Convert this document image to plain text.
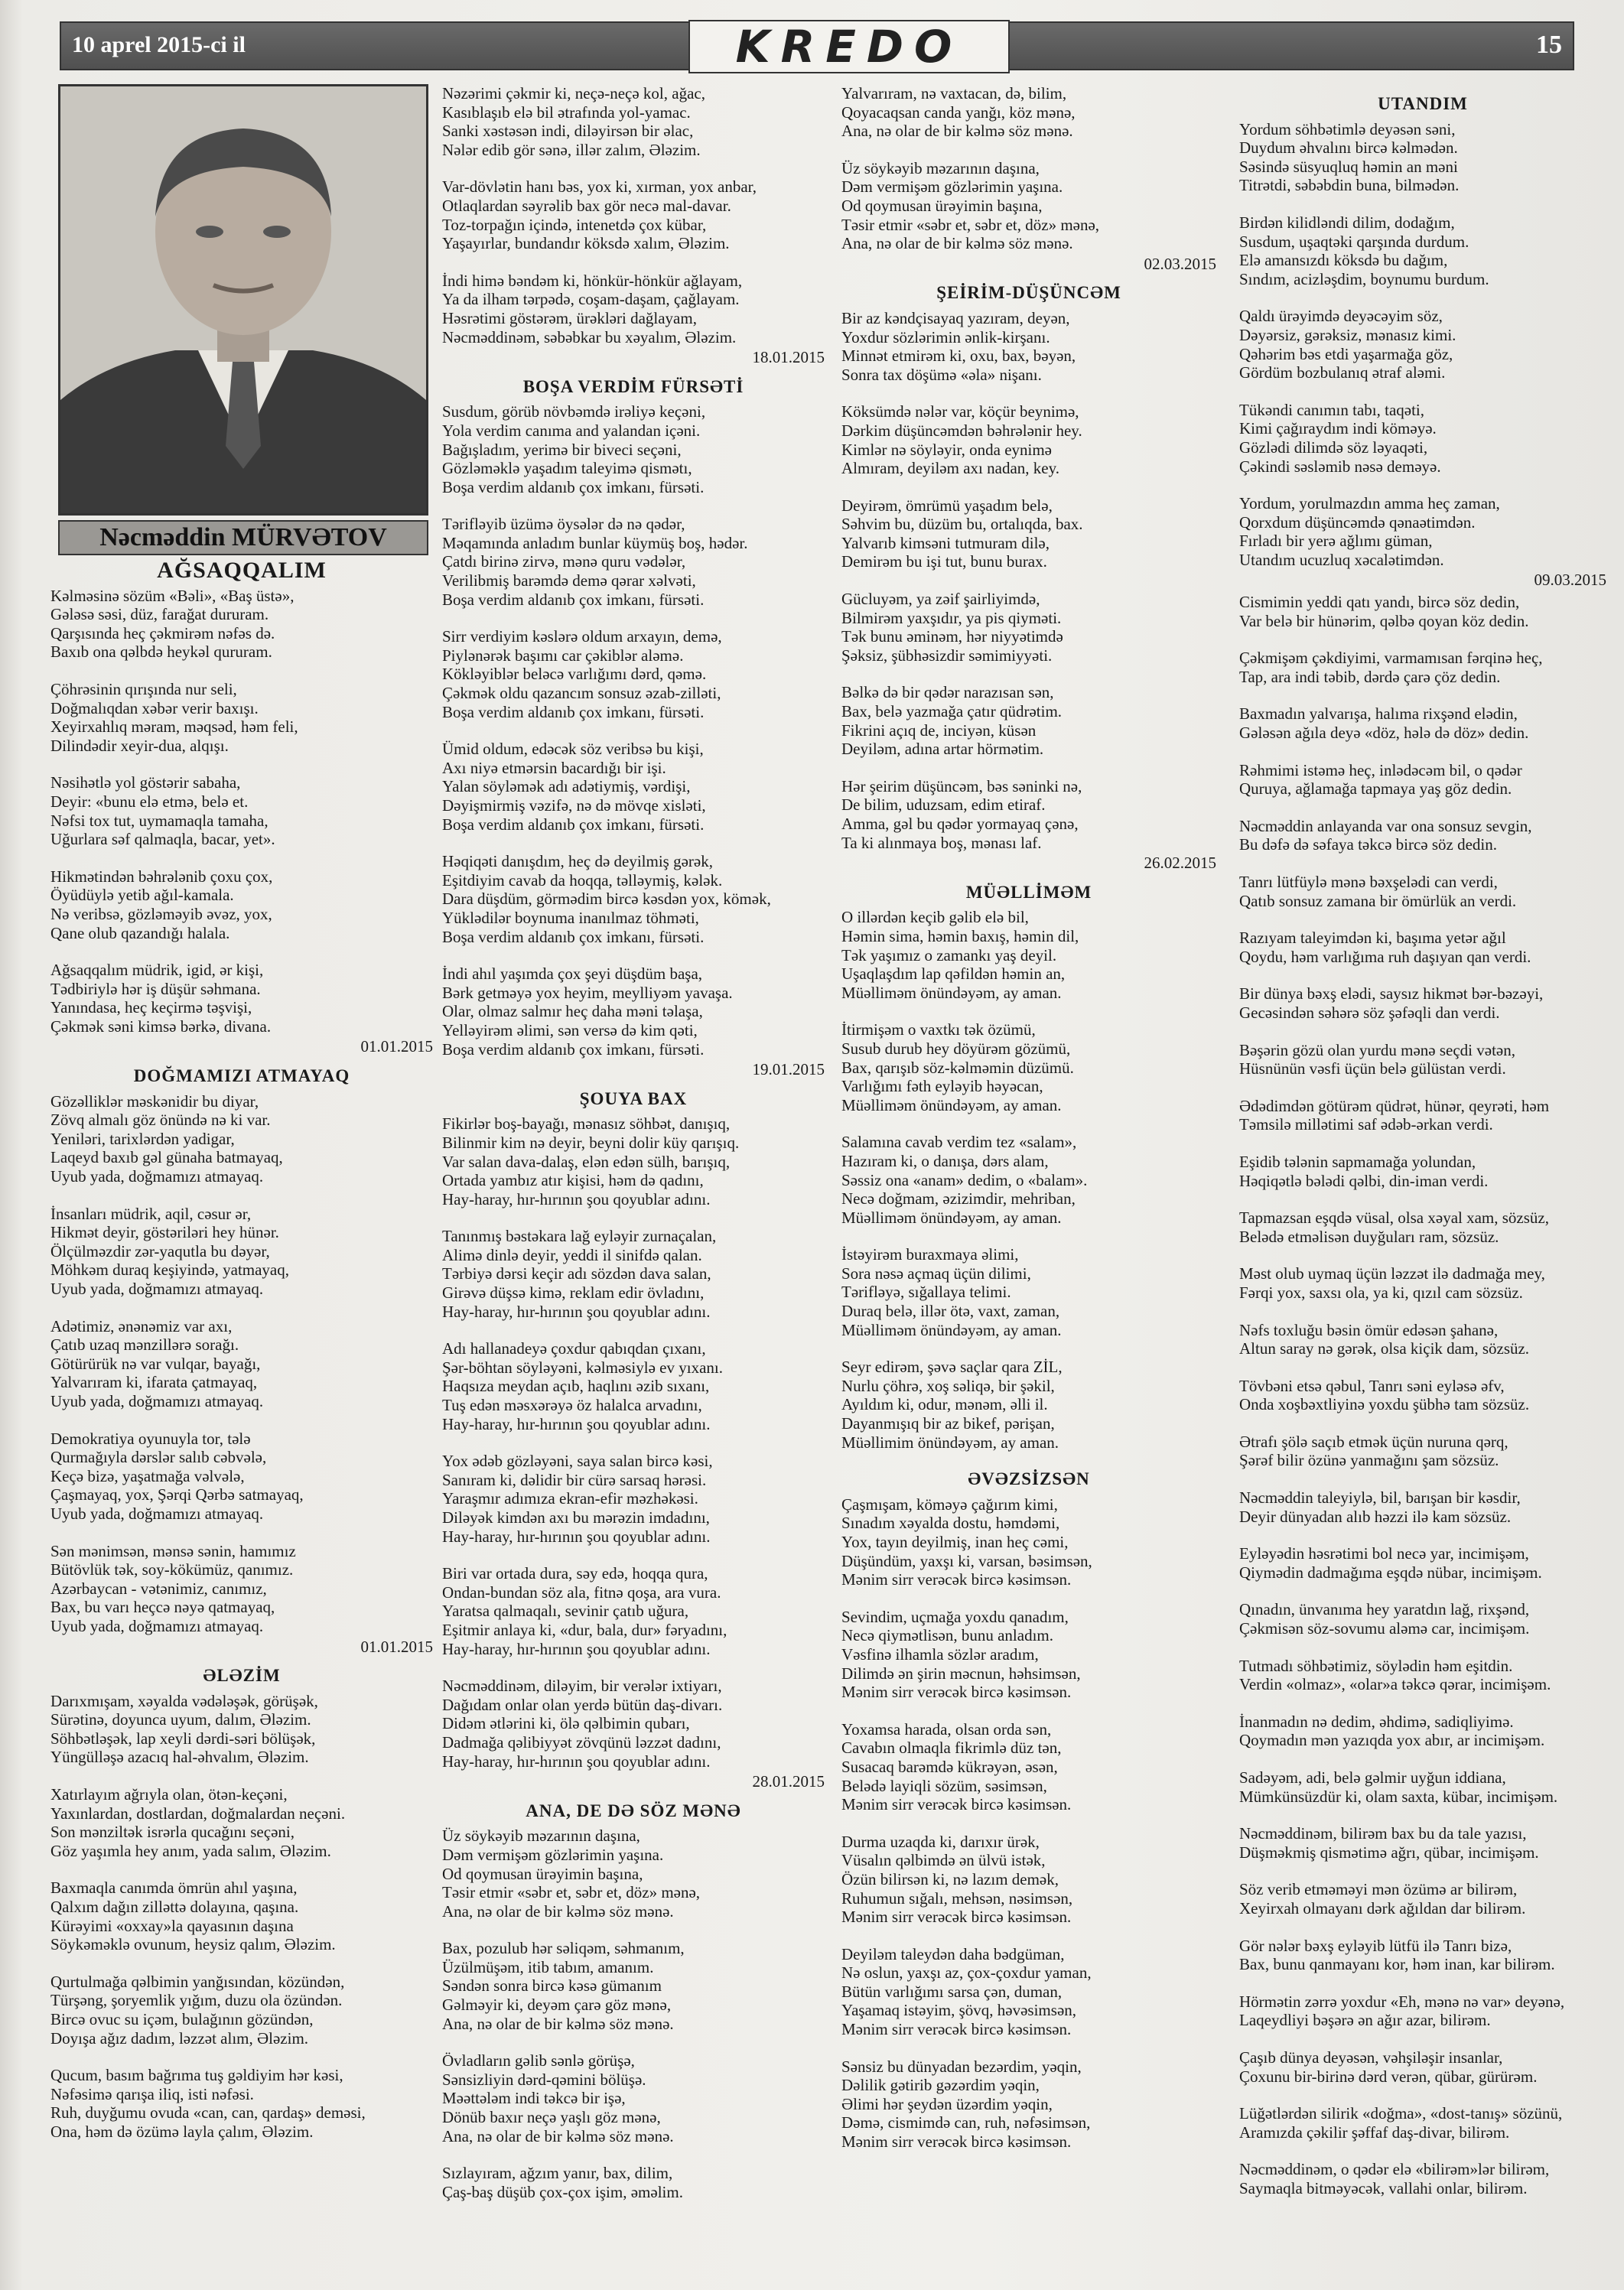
10 aprel 2015-ci il	KREDO	15
Nəcməddin MÜRVƏTOV
AĞSAQQALIM
Kəlməsinə sözüm «Bəli», «Baş üstə»,
Gələsə səsi, düz, farağat dururam.
Qarşısında heç çəkmirəm nəfəs də.
Baxıb ona qəlbdə heykəl qururam.
Çöhrəsinin qırışında nur seli,
Doğmalıqdan xəbər verir baxışı.
Xeyirxahlıq məram, məqsəd, həm feli,
Dilindədir xeyir-dua, alqışı.
Nəsihətlə yol göstərir sabaha,
Deyir: «bunu elə etmə, belə et.
Nəfsi tox tut, uymamaqla tamaha,
Uğurlara səf qalmaqla, bacar, yet».
Hikmətindən bəhrələnib çoxu çox,
Öyüdüylə yetib ağıl-kamala.
Nə veribsə, gözləməyib əvəz, yox,
Qane olub qazandığı halala.
Ağsaqqalım müdrik, igid, ər kişi,
Tədbiriylə hər iş düşür səhmana.
Yanındasa, heç keçirmə təşvişi,
Çəkmək səni kimsə bərkə, divana.
01.01.2015
DOĞMAMIZI ATMAYAQ
Gözəlliklər məskənidir bu diyar,
Zövq almalı göz önündə nə ki var.
Yeniləri, tarixlərdən yadigar,
Laqeyd baxıb gəl günaha batmayaq,
Uyub yada, doğmamızı atmayaq.
İnsanları müdrik, aqil, cəsur ər,
Hikmət deyir, göstəriləri hey hünər.
Ölçülməzdir zər-yaqutla bu dəyər,
Möhkəm duraq keşiyində, yatmayaq,
Uyub yada, doğmamızı atmayaq.
Adətimiz, ənənəmiz var axı,
Çatıb uzaq mənzillərə sorağı.
Götürürük nə var vulqar, bayağı,
Yalvarıram ki, ifarata çatmayaq,
Uyub yada, doğmamızı atmayaq.
Demokratiya oyunuyla tor, tələ
Qurmağıyla dərslər salıb cəbvələ,
Keçə bizə, yaşatmağa vəlvələ,
Çaşmayaq, yox, Şərqi Qərbə satmayaq,
Uyub yada, doğmamızı atmayaq.
Sən mənimsən, mənsə sənin, hamımız
Bütövlük tək, soy-kökümüz, qanımız.
Azərbaycan - vətənimiz, canımız,
Bax, bu varı heçcə nəyə qatmayaq,
Uyub yada, doğmamızı atmayaq.
01.01.2015
ƏLƏZİM
Darıxmışam, xəyalda vədələşək, görüşək,
Sürətinə, doyunca uyum, dalım, Ələzim.
Söhbətləşək, lap xeyli dərdi-səri bölüşək,
Yüngülləşə azacıq hal-əhvalım, Ələzim.
Xatırlayım ağrıyla olan, ötən-keçəni,
Yaxınlardan, dostlardan, doğmalardan neçəni.
Son mənziltək isrərla qucağını seçəni,
Göz yaşımla hey anım, yada salım, Ələzim.
Baxmaqla canımda ömrün ahıl yaşına,
Qalxım dağın zilləttə dolayına, qaşına.
Kürəyimi «oxxay»la qayasının daşına
Söykəməklə ovunum, heysiz qalım, Ələzim.
Qurtulmağa qəlbimin yanğısından, közündən,
Türşəng, şoryemlik yığım, duzu ola özündən.
Bircə ovuc su içəm, bulağının gözündən,
Doyışa ağız dadım, ləzzət alım, Ələzim.
Qucum, basım bağrıma tuş gəldiyim hər kəsi,
Nəfəsimə qarışa iliq, isti nəfəsi.
Ruh, duyğumu ovuda «can, can, qardaş» deməsi,
Ona, həm də özümə layla çalım, Ələzim.
Nəzərimi çəkmir ki, neçə-neçə kol, ağac,
Kasıblaşıb elə bil ətrafında yol-yamac.
Sanki xəstəsən indi, diləyirsən bir əlac,
Nələr edib gör sənə, illər zalım, Ələzim.
Var-dövlətin hanı bəs, yox ki, xırman, yox anbar,
Otlaqlardan səyrəlib bax gör necə mal-davar.
Toz-torpağın içində, intenetdə çox kübar,
Yaşayırlar, bundandır köksdə xalım, Ələzim.
İndi himə bəndəm ki, hönkür-hönkür ağlayam,
Ya da ilham tərpədə, coşam-daşam, çağlayam.
Həsrətimi göstərəm, ürəkləri dağlayam,
Nəcməddinəm, səbəbkar bu xəyalım, Ələzim.
18.01.2015
BOŞA VERDİM FÜRSƏTİ
Susdum, görüb növbəmdə irəliyə keçəni,
Yola verdim canıma and yalandan içəni.
Bağışladım, yerimə bir biveci seçəni,
Gözləməklə yaşadım taleyimə qismətı,
Boşa verdim aldanıb çox imkanı, fürsəti.
Tərifləyib üzümə öysələr də nə qədər,
Məqamında anladım bunlar küymüş boş, hədər.
Çatdı birinə zirvə, mənə quru vədələr,
Verilibmiş barəmdə demə qərar xəlvəti,
Boşa verdim aldanıb çox imkanı, fürsəti.
Sirr verdiyim kəslərə oldum arxayın, demə,
Piylənərək başımı car çəkiblər aləmə.
Kökləyiblər beləcə varlığımı dərd, qəmə.
Çəkmək oldu qazancım sonsuz əzab-zilləti,
Boşa verdim aldanıb çox imkanı, fürsəti.
Ümid oldum, edəcək söz veribsə bu kişi,
Axı niyə etmərsin bacardığı bir işi.
Yalan söyləmək adı adətiymiş, vərdişi,
Dəyişmirmiş vəzifə, nə də mövqe xisləti,
Boşa verdim aldanıb çox imkanı, fürsəti.
Həqiqəti danışdım, heç də deyilmiş gərək,
Eşitdiyim cavab da hoqqa, təlləymiş, kələk.
Dara düşdüm, görmədim bircə kəsdən yox, kömək,
Yüklədilər boynuma inanılmaz töhməti,
Boşa verdim aldanıb çox imkanı, fürsəti.
İndi ahıl yaşımda çox şeyi düşdüm başa,
Bərk getməyə yox heyim, meylliyəm yavaşa.
Olar, olmaz salmır heç daha məni təlaşa,
Yelləyirəm əlimi, sən versə də kim qəti,
Boşa verdim aldanıb çox imkanı, fürsəti.
19.01.2015
ŞOUYA BAX
Fikirlər boş-bayağı, mənasız söhbət, danışıq,
Bilinmir kim nə deyir, beyni dolir küy qarışıq.
Var salan dava-dalaş, elən edən sülh, barışıq,
Ortada yambız atır kişisi, həm də qadını,
Hay-haray, hır-hırının şou qoyublar adını.
Tanınmış bəstəkara lağ eyləyir zurnaçalan,
Alimə dinlə deyir, yeddi il sinifdə qalan.
Tərbiyə dərsi keçir adı sözdən dava salan,
Girəvə düşsə kimə, reklam edir övladını,
Hay-haray, hır-hırının şou qoyublar adını.
Adı hallanadeyə çoxdur qabıqdan çıxanı,
Şər-böhtan söyləyəni, kəlməsiylə ev yıxanı.
Haqsıza meydan açıb, haqlını əzib sıxanı,
Tuş edən məsxərəyə öz halalca arvadını,
Hay-haray, hır-hırının şou qoyublar adını.
Yox ədəb gözləyəni, saya salan bircə kəsi,
Sanıram ki, dəlidir bir cürə sarsaq hərəsi.
Yaraşmır adımıza ekran-efir məzhəkəsi.
Diləyək kimdən axı bu mərəzin imdadını,
Hay-haray, hır-hırının şou qoyublar adını.
Biri var ortada dura, səy edə, hoqqa qura,
Ondan-bundan söz ala, fitnə qoşa, ara vura.
Yaratsa qalmaqalı, sevinir çatıb uğura,
Eşitmir anlaya ki, «dur, bala, dur» fəryadını,
Hay-haray, hır-hırının şou qoyublar adını.
Nəcməddinəm, diləyim, bir verələr ixtiyarı,
Dağıdam onlar olan yerdə bütün daş-divarı.
Didəm ətlərini ki, ölə qəlbimin qubarı,
Dadmağa qəlibiyyət zövqünü ləzzət dadını,
Hay-haray, hır-hırının şou qoyublar adını.
28.01.2015
ANA, DE DƏ SÖZ MƏNƏ
Üz söykəyib məzarının daşına,
Dəm vermişəm gözlərimin yaşına.
Od qoymusan ürəyimin başına,
Təsir etmir «səbr et, səbr et, döz» mənə,
Ana, nə olar de bir kəlmə söz mənə.
Bax, pozulub hər səliqəm, səhmanım,
Üzülmüşəm, itib tabım, amanım.
Səndən sonra bircə kəsə gümanım
Gəlməyir ki, deyəm çarə göz mənə,
Ana, nə olar de bir kəlmə söz mənə.
Övladların gəlib sənlə görüşə,
Sənsizliyin dərd-qəmini bölüşə.
Məəttələm indi təkcə bir işə,
Dönüb baxır neçə yaşlı göz mənə,
Ana, nə olar de bir kəlmə söz mənə.
Sızlayıram, ağzım yanır, bax, dilim,
Çaş-baş düşüb çox-çox işim, əməlim.
Yalvarıram, nə vaxtacan, də, bilim,
Qoyacaqsan canda yanğı, köz mənə,
Ana, nə olar de bir kəlmə söz mənə.
Üz söykəyib məzarının daşına,
Dəm vermişəm gözlərimin yaşına.
Od qoymusan ürəyimin başına,
Təsir etmir «səbr et, səbr et, döz» mənə,
Ana, nə olar de bir kəlmə söz mənə.
02.03.2015
ŞEİRİM-DÜŞÜNCƏM
Bir az kəndçisayaq yazıram, deyən,
Yoxdur sözlərimin ənlik-kirşanı.
Minnət etmirəm ki, oxu, bax, bəyən,
Sonra tax döşümə «əla» nişanı.
Köksümdə nələr var, köçür beynimə,
Dərkim düşüncəmdən bəhrələnir hey.
Kimlər nə söyləyir, onda eynimə
Almıram, deyiləm axı nadan, key.
Deyirəm, ömrümü yaşadım belə,
Səhvim bu, düzüm bu, ortalıqda, bax.
Yalvarıb kimsəni tutmuram dilə,
Demirəm bu işi tut, bunu burax.
Gücluyəm, ya zəif şairliyimdə,
Bilmirəm yaxşıdır, ya pis qiyməti.
Tək bunu əminəm, hər niyyətimdə
Şəksiz, şübhəsizdir səmimiyyəti.
Bəlkə də bir qədər narazısan sən,
Bax, belə yazmağa çatır qüdrətim.
Fikrini açıq de, inciyən, küsən
Deyiləm, adına artar hörmətim.
Hər şeirim düşüncəm, bəs səninki nə,
De bilim, uduzsam, edim etiraf.
Amma, gəl bu qədər yormayaq çənə,
Ta ki alınmaya boş, mənası laf.
26.02.2015
MÜƏLLİMƏM
O illərdən keçib gəlib elə bil,
Həmin sima, həmin baxış, həmin dil,
Tək yaşımız o zamankı yaş deyil.
Uşaqlaşdım lap qəfildən həmin an,
Müəlliməm önündəyəm, ay aman.
İtirmişəm o vaxtkı tək özümü,
Susub durub hey döyürəm gözümü,
Bax, qarışıb söz-kəlməmin düzümü.
Varlığımı fəth eyləyib həyəcan,
Müəlliməm önündəyəm, ay aman.
Salamına cavab verdim tez «salam»,
Hazıram ki, o danışa, dərs alam,
Səssiz ona «anam» dedim, o «balam».
Necə doğmam, əzizimdir, mehriban,
Müəlliməm önündəyəm, ay aman.
İstəyirəm buraxmaya əlimi,
Sora nəsə açmaq üçün dilimi,
Tərifləyə, sığallaya telimi.
Duraq belə, illər ötə, vaxt, zaman,
Müəlliməm önündəyəm, ay aman.
Seyr edirəm, şəvə saçlar qara ZİL,
Nurlu çöhrə, xoş səliqə, bir şəkil,
Ayıldım ki, odur, mənəm, əlli il.
Dayanmışıq bir az bikef, pərişan,
Müəllimim önündəyəm, ay aman.
ƏVƏZSİZSƏN
Çaşmışam, köməyə çağırım kimi,
Sınadım xəyalda dostu, həmdəmi,
Yox, tayın deyilmiş, inan heç cəmi,
Düşündüm, yaxşı ki, varsan, bəsimsən,
Mənim sirr verəcək bircə kəsimsən.
Sevindim, uçmağa yoxdu qanadım,
Necə qiymətlisən, bunu anladım.
Vəsfinə ilhamla sözlər aradım,
Dilimdə ən şirin məcnun, həhsimsən,
Mənim sirr verəcək bircə kəsimsən.
Yoxamsa harada, olsan orda sən,
Cavabın olmaqla fikrimlə düz tən,
Susacaq barəmdə kükrəyən, əsən,
Belədə layiqli sözüm, səsimsən,
Mənim sirr verəcək bircə kəsimsən.
Durma uzaqda ki, darıxır ürək,
Vüsalın qəlbimdə ən ülvü istək,
Özün bilirsən ki, nə lazım demək,
Ruhumun sığalı, mehsən, nəsimsən,
Mənim sirr verəcək bircə kəsimsən.
Deyiləm taleydən daha bədgüman,
Nə oslun, yaxşı az, çox-çoxdur yaman,
Bütün varlığımı sarsa çən, duman,
Yaşamaq istəyim, şövq, həvəsimsən,
Mənim sirr verəcək bircə kəsimsən.
Sənsiz bu dünyadan bezərdim, yəqin,
Dəlilik gətirib gəzərdim yəqin,
Əlimi hər şeydən üzərdim yəqin,
Dəmə, cismimdə can, ruh, nəfəsimsən,
Mənim sirr verəcək bircə kəsimsən.
UTANDIM
Yordum söhbətimlə deyəsən səni,
Duydum əhvalını bircə kəlmədən.
Səsində süsyuqluq həmin an məni
Titrətdi, səbəbdin buna, bilmədən.
Birdən kilidləndi dilim, dodağım,
Susdum, uşaqtəki qarşında durdum.
Elə amansızdı köksdə bu dağım,
Sındım, acizləşdim, boynumu burdum.
Qaldı ürəyimdə deyəcəyim söz,
Dəyərsiz, gərəksiz, mənasız kimi.
Qəhərim bəs etdi yaşarmağa göz,
Gördüm bozbulanıq ətraf aləmi.
Tükəndi canımın tabı, taqəti,
Kimi çağıraydım indi köməyə.
Gözlədi dilimdə söz ləyaqəti,
Çəkindi səsləmib nəsə deməyə.
Yordum, yorulmazdın amma heç zaman,
Qorxdum düşüncəmdə qənaətimdən.
Fırladı bir yerə ağlımı güman,
Utandım ucuzluq xəcalətimdən.
09.03.2015
Cismimin yeddi qatı yandı, bircə söz dedin,
Var belə bir hünərim, qəlbə qoyan köz dedin.
Çəkmişəm çəkdiyimi, varmamısan fərqinə heç,
Tap, ara indi təbib, dərdə çarə çöz dedin.
Baxmadın yalvarışa, halıma rixşənd elədin,
Gələsən ağıla deyə «döz, hələ də döz» dedin.
Rəhmimi istəmə heç, inlədəcəm bil, o qədər
Quruya, ağlamağa tapmaya yaş göz dedin.
Nəcməddin anlayanda var ona sonsuz sevgin,
Bu dəfə də səfaya təkcə bircə söz dedin.
Tanrı lütfüylə mənə bəxşelədi can verdi,
Qatıb sonsuz zamana bir ömürlük an verdi.
Razıyam taleyimdən ki, başıma yetər ağıl
Qoydu, həm varlığıma ruh daşıyan qan verdi.
Bir dünya bəxş elədi, saysız hikmət bər-bəzəyi,
Gecəsindən səhərə söz şəfəqli dan verdi.
Bəşərin gözü olan yurdu mənə seçdi vətən,
Hüsnünün vəsfi üçün belə gülüstan verdi.
Ədədimdən götürəm qüdrət, hünər, qeyrəti, həm
Təmsilə millətimi saf ədəb-ərkan verdi.
Eşidib tələnin sapmamağa yolundan,
Həqiqətlə bələdi qəlbi, din-iman verdi.
Tapmazsan eşqdə vüsal, olsa xəyal xam, sözsüz,
Belədə etməlisən duyğuları ram, sözsüz.
Məst olub uymaq üçün ləzzət ilə dadmağa mey,
Fərqi yox, saxsı ola, ya ki, qızıl cam sözsüz.
Nəfs toxluğu bəsin ömür edəsən şahanə,
Altun saray nə gərək, olsa kiçik dam, sözsüz.
Tövbəni etsə qəbul, Tanrı səni eyləsə əfv,
Onda xoşbəxtliyinə yoxdu şübhə tam sözsüz.
Ətrafı şölə saçıb etmək üçün nuruna qərq,
Şərəf bilir özünə yanmağını şam sözsüz.
Nəcməddin taleyiylə, bil, barışan bir kəsdir,
Deyir dünyadan alıb həzzi ilə kam sözsüz.
Eyləyədin həsrətimi bol necə yar, incimişəm,
Qiymədin dadmağıma eşqdə nübar, incimişəm.
Qınadın, ünvanıma hey yaratdın lağ, rixşənd,
Çəkmisən söz-sovumu aləmə car, incimişəm.
Tutmadı söhbətimiz, söylədin həm eşitdin.
Verdin «olmaz», «olar»a təkcə qərar, incimişəm.
İnanmadın nə dedim, əhdimə, sadiqliyimə.
Qoymadın mən yazıqda yox abır, ar incimişəm.
Sadəyəm, adi, belə gəlmir uyğun iddiana,
Mümkünsüzdür ki, olam saxta, kübar, incimişəm.
Nəcməddinəm, bilirəm bax bu da tale yazısı,
Düşməkmiş qismətimə ağrı, qübar, incimişəm.
Söz verib etməməyi mən özümə ar bilirəm,
Xeyirxah olmayanı dərk ağıldan dar bilirəm.
Gör nələr bəxş eyləyib lütfü ilə Tanrı bizə,
Bax, bunu qanmayanı kor, həm inan, kar bilirəm.
Hörmətin zərrə yoxdur «Eh, mənə nə var» deyənə,
Laqeydliyi bəşərə ən ağır azar, bilirəm.
Çaşıb dünya deyəsən, vəhşiləşir insanlar,
Çoxunu bir-birinə dərd verən, qübar, gürürəm.
Lüğətlərdən silirik «doğma», «dost-tanış» sözünü,
Aramızda çəkilir şəffaf daş-divar, bilirəm.
Nəcməddinəm, o qədər elə «bilirəm»lər bilirəm,
Saymaqla bitməyəcək, vallahi onlar, bilirəm.
